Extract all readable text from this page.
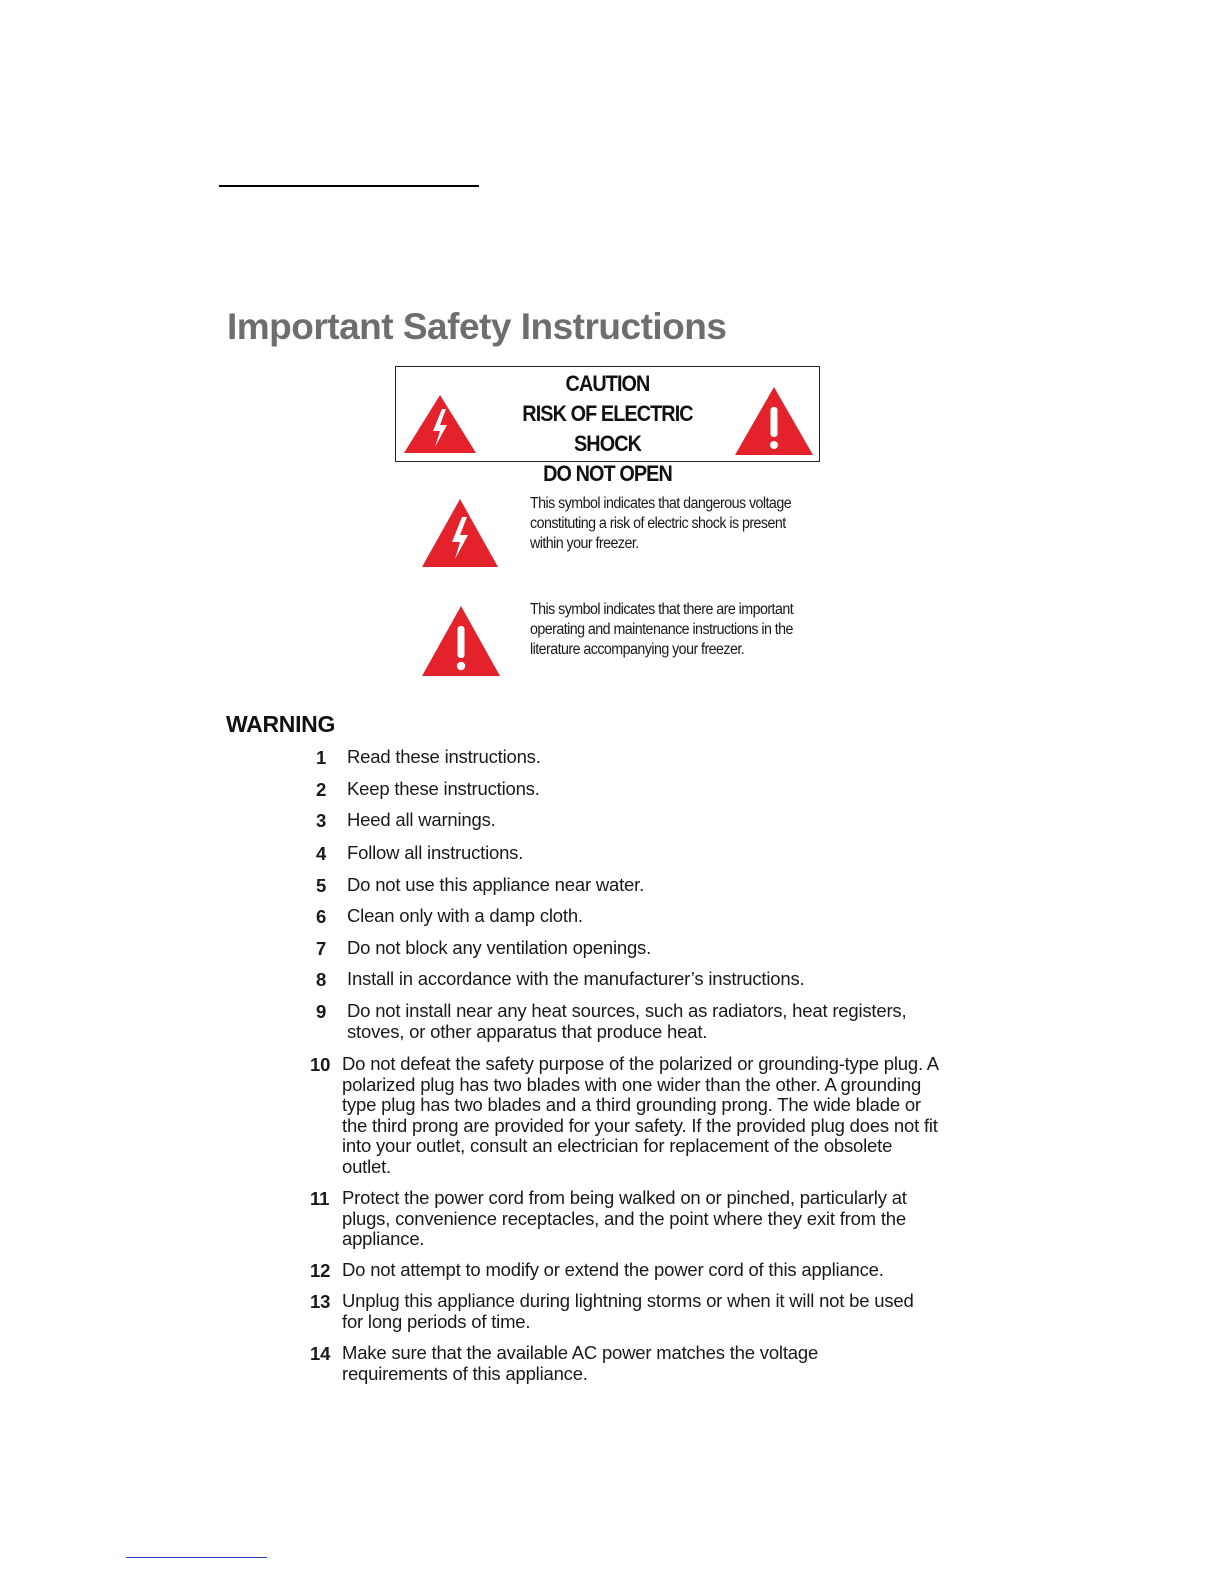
Important Safety Instructions
CAUTION
RISK OF ELECTRIC SHOCK
DO NOT OPEN

This symbol indicates that dangerous voltage constituting a risk of electric shock is present within your freezer.

This symbol indicates that there are important operating and maintenance instructions in the literature accompanying your freezer.

WARNING
1	Read these instructions.
2	Keep these instructions.
3	Heed all warnings.
4	Follow all instructions.
5	Do not use this appliance near water.
6	Clean only with a damp cloth.
7	Do not block any ventilation openings.
8	Install in accordance with the manufacturer’s instructions.
9	Do not install near any heat sources, such as radiators, heat registers, stoves, or other apparatus that produce heat.
10 Do not defeat the safety purpose of the polarized or grounding-type plug. A polarized plug has two blades with one wider than the other. A grounding type plug has two blades and a third grounding prong. The wide blade or the third prong are provided for your safety. If the provided plug does not fit into your outlet, consult an electrician for replacement of the obsolete outlet.
11 Protect the power cord from being walked on or pinched, particularly at plugs, convenience receptacles, and the point where they exit from the appliance.
12 Do not attempt to modify or extend the power cord of this appliance.
13 Unplug this appliance during lightning storms or when it will not be used for long periods of time.
14 Make sure that the available AC power matches the voltage requirements of this appliance.
